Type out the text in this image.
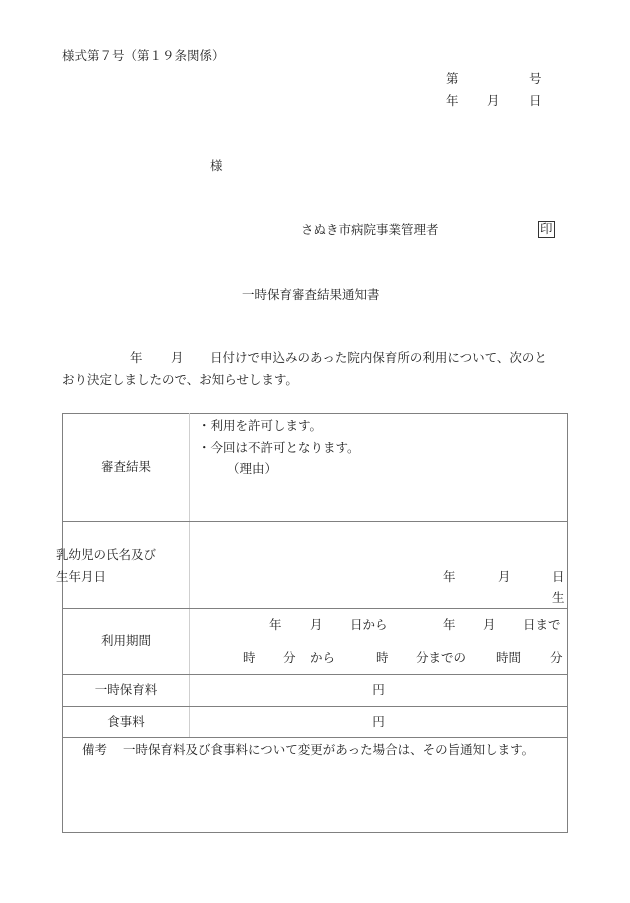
様式第７号（第１９条関係）
第	号
年 月 日
様
さぬき市病院事業管理者	印
一時保育審査結果通知書
年 月 日付けで申込みのあった院内保育所の利用について、次のと
おり決定しましたので、お知らせします。
審査結果	・利用を許可します。
・今回は不許可となります。
（理由）

乳幼児の氏名及び
生年月日	年	月	日
生

利用期間	
年 月 日から	年 月 日まで
時 分 から	時 分までの 時間 分

一時保育料	円
食事料	円

備考 一時保育料及び食事料について変更があった場合は、その旨通知します。	
